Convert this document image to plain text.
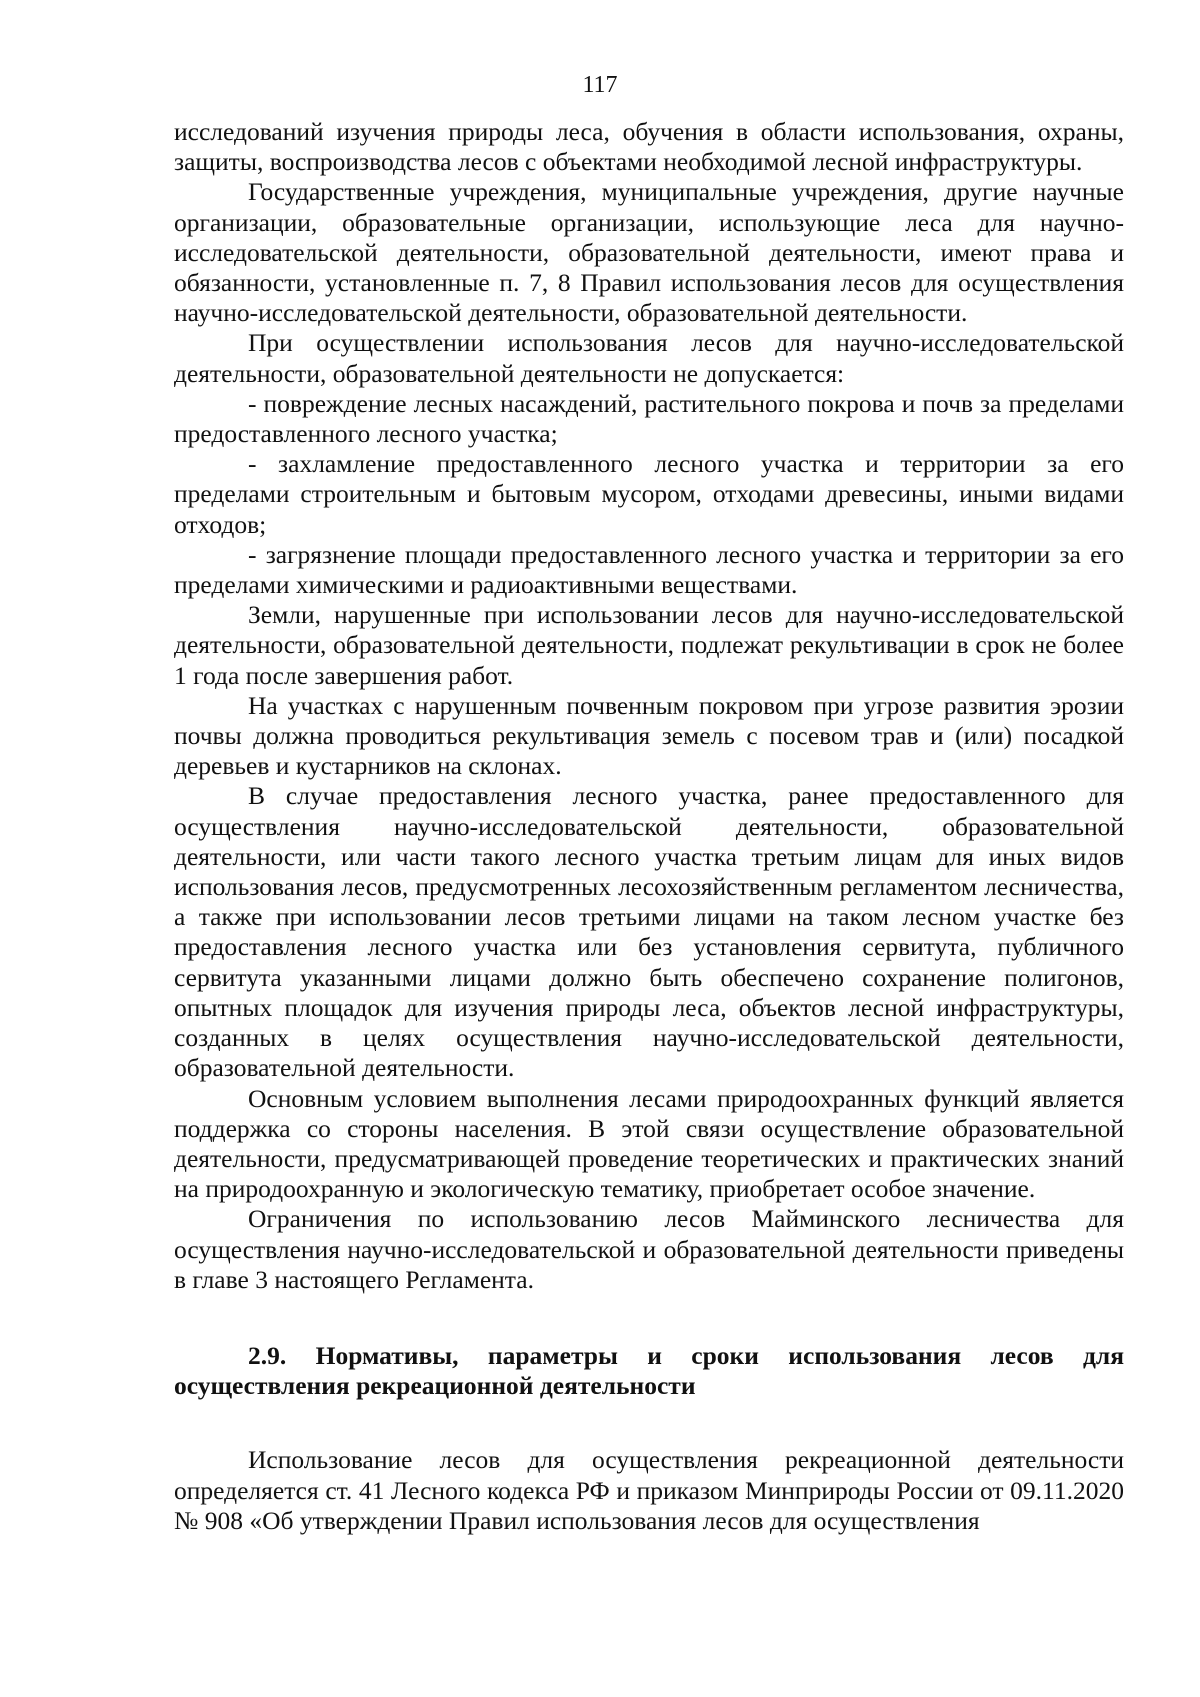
117

исследований изучения природы леса, обучения в области использования, охраны, защиты, воспроизводства лесов с объектами необходимой лесной инфраструктуры.

Государственные учреждения, муниципальные учреждения, другие научные организации, образовательные организации, использующие леса для научно-исследовательской деятельности, образовательной деятельности, имеют права и обязанности, установленные п. 7, 8 Правил использования лесов для осуществления научно-исследовательской деятельности, образовательной деятельности.

При осуществлении использования лесов для научно-исследовательской деятельности, образовательной деятельности не допускается:

- повреждение лесных насаждений, растительного покрова и почв за пределами предоставленного лесного участка;

- захламление предоставленного лесного участка и территории за его пределами строительным и бытовым мусором, отходами древесины, иными видами отходов;

- загрязнение площади предоставленного лесного участка и территории за его пределами химическими и радиоактивными веществами.

Земли, нарушенные при использовании лесов для научно-исследовательской деятельности, образовательной деятельности, подлежат рекультивации в срок не более 1 года после завершения работ.

На участках с нарушенным почвенным покровом при угрозе развития эрозии почвы должна проводиться рекультивация земель с посевом трав и (или) посадкой деревьев и кустарников на склонах.

В случае предоставления лесного участка, ранее предоставленного для осуществления научно-исследовательской деятельности, образовательной деятельности, или части такого лесного участка третьим лицам для иных видов использования лесов, предусмотренных лесохозяйственным регламентом лесничества, а также при использовании лесов третьими лицами на таком лесном участке без предоставления лесного участка или без установления сервитута, публичного сервитута указанными лицами должно быть обеспечено сохранение полигонов, опытных площадок для изучения природы леса, объектов лесной инфраструктуры, созданных в целях осуществления научно-исследовательской деятельности, образовательной деятельности.

Основным условием выполнения лесами природоохранных функций является поддержка со стороны населения. В этой связи осуществление образовательной деятельности, предусматривающей проведение теоретических и практических знаний на природоохранную и экологическую тематику, приобретает особое значение.

Ограничения по использованию лесов Майминского лесничества для осуществления научно-исследовательской и образовательной деятельности приведены в главе 3 настоящего Регламента.

2.9. Нормативы, параметры и сроки использования лесов для осуществления рекреационной деятельности

Использование лесов для осуществления рекреационной деятельности определяется ст. 41 Лесного кодекса РФ и приказом Минприроды России от 09.11.2020 № 908 «Об утверждении Правил использования лесов для осуществления
